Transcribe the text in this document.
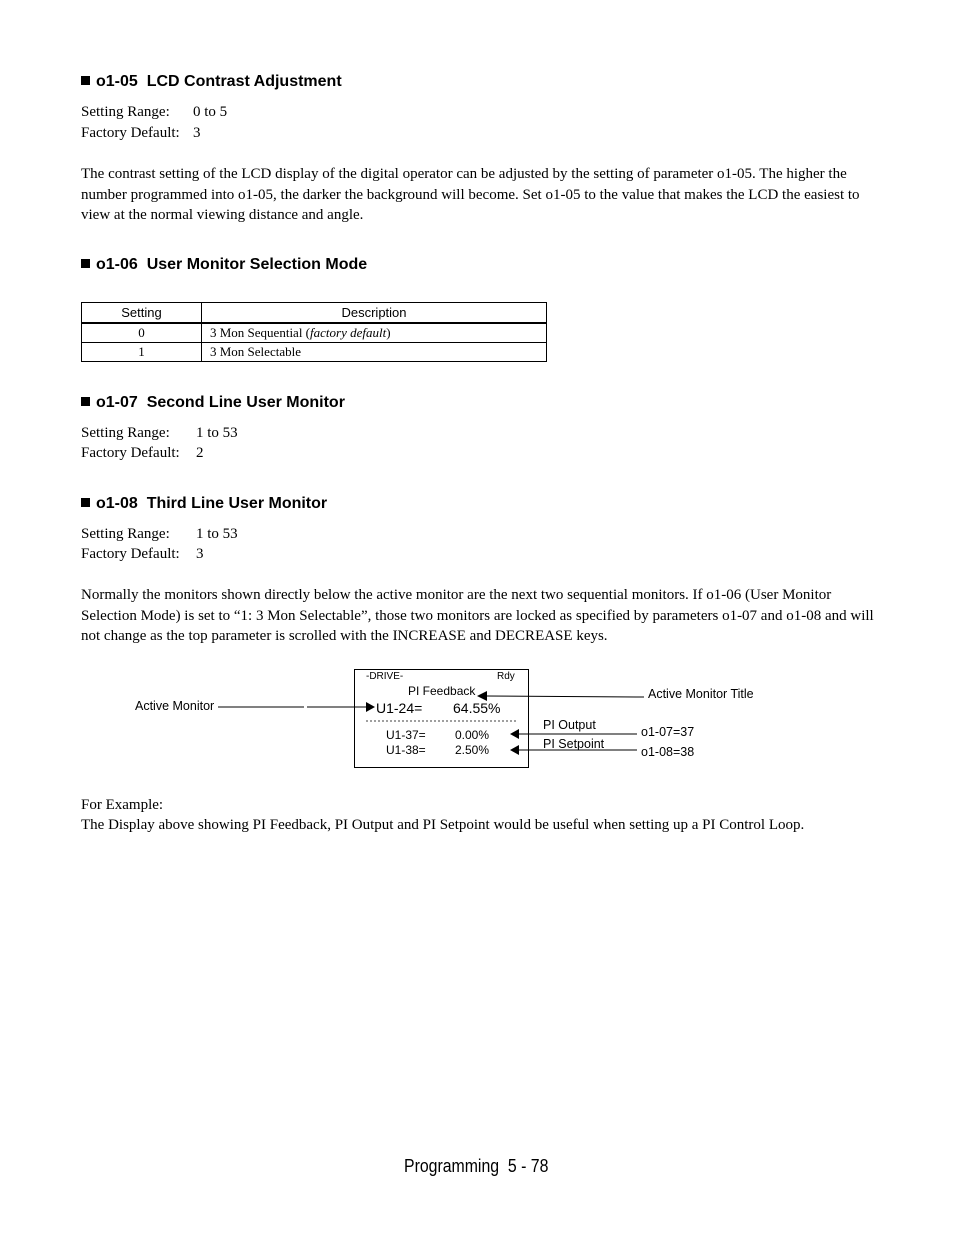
o1-05  LCD Contrast Adjustment
Setting Range: 0 to 5
Factory Default: 3
The contrast setting of the LCD display of the digital operator can be adjusted by the setting of parameter o1-05. The higher the number programmed into o1-05, the darker the background will become. Set o1-05 to the value that makes the LCD the easiest to view at the normal viewing distance and angle.
o1-06  User Monitor Selection Mode
Setting	Description
0	3 Mon Sequential (factory default)
1	3 Mon Selectable
o1-07  Second Line User Monitor
Setting Range: 1 to 53
Factory Default: 2
o1-08  Third Line User Monitor
Setting Range: 1 to 53
Factory Default: 3
Normally the monitors shown directly below the active monitor are the next two sequential monitors. If o1-06 (User Monitor Selection Mode) is set to “1: 3 Mon Selectable”, those two monitors are locked as specified by parameters o1-07 and o1-08 and will not change as the top parameter is scrolled with the INCREASE and DECREASE keys.
-DRIVE-	Rdy
PI Feedback
U1-24= 64.55%
U1-37= 0.00%
U1-38= 2.50%
Active Monitor
Active Monitor Title
PI Output
PI Setpoint
o1-07=37
o1-08=38
For Example:
The Display above showing PI Feedback, PI Output and PI Setpoint would be useful when setting up a PI Control Loop.
Programming  5 - 78
